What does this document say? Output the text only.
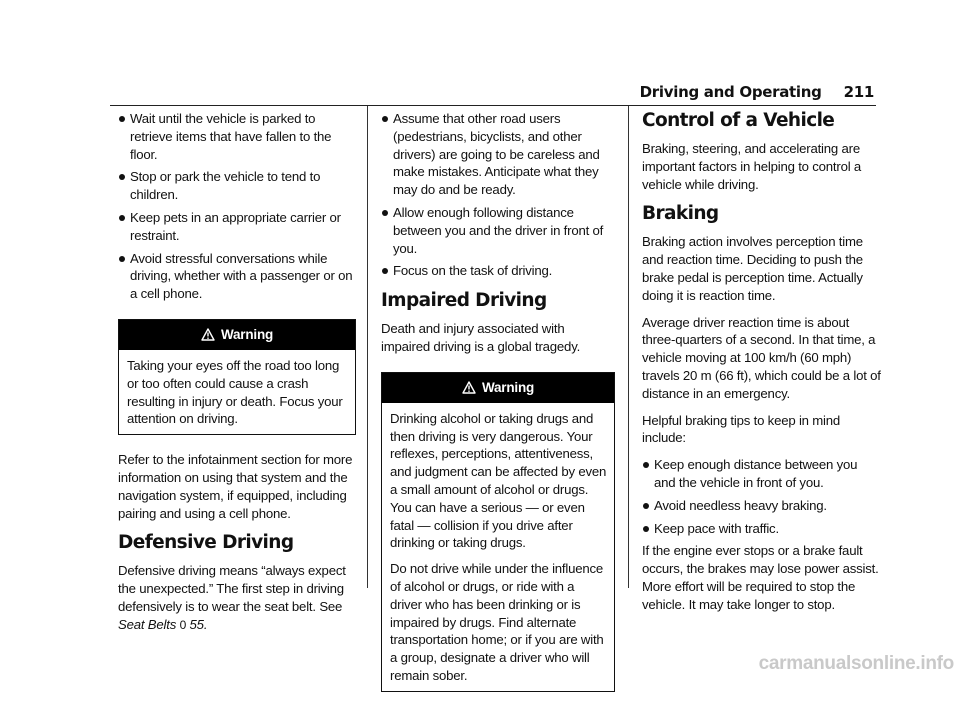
Driving and Operating 211
Wait until the vehicle is parked to retrieve items that have fallen to the floor.
Stop or park the vehicle to tend to children.
Keep pets in an appropriate carrier or restraint.
Avoid stressful conversations while driving, whether with a passenger or on a cell phone.
Warning

Taking your eyes off the road too long or too often could cause a crash resulting in injury or death. Focus your attention on driving.

Refer to the infotainment section for more information on using that system and the navigation system, if equipped, including pairing and using a cell phone.

Defensive Driving

Defensive driving means “always expect the unexpected.” The first step in driving defensively is to wear the seat belt. See
Seat Belts 0 55.

Assume that other road users (pedestrians, bicyclists, and other drivers) are going to be careless and make mistakes. Anticipate what they may do and be ready.
Allow enough following distance between you and the driver in front of you.
Focus on the task of driving.
Impaired Driving

Death and injury associated with impaired driving is a global tragedy.

Warning

Drinking alcohol or taking drugs and then driving is very dangerous. Your reflexes, perceptions, attentiveness, and judgment can be affected by even a small amount of alcohol or drugs. You can have a serious — or even fatal — collision if you drive after drinking or taking drugs.

Do not drive while under the influence of alcohol or drugs, or ride with a driver who has been drinking or is impaired by drugs. Find alternate transportation home; or if you are with a group, designate a driver who will remain sober.

Control of a Vehicle

Braking, steering, and accelerating are important factors in helping to control a vehicle while driving.

Braking

Braking action involves perception time and reaction time. Deciding to push the brake pedal is perception time. Actually doing it is reaction time.

Average driver reaction time is about three-quarters of a second. In that time, a vehicle moving at 100 km/h (60 mph) travels 20 m (66 ft), which could be a lot of distance in an emergency.

Helpful braking tips to keep in mind include:

Keep enough distance between you and the vehicle in front of you.
Avoid needless heavy braking.
Keep pace with traffic.

If the engine ever stops or a brake fault occurs, the brakes may lose power assist. More effort will be required to stop the vehicle. It may take longer to stop.

carmanualsonline.info
